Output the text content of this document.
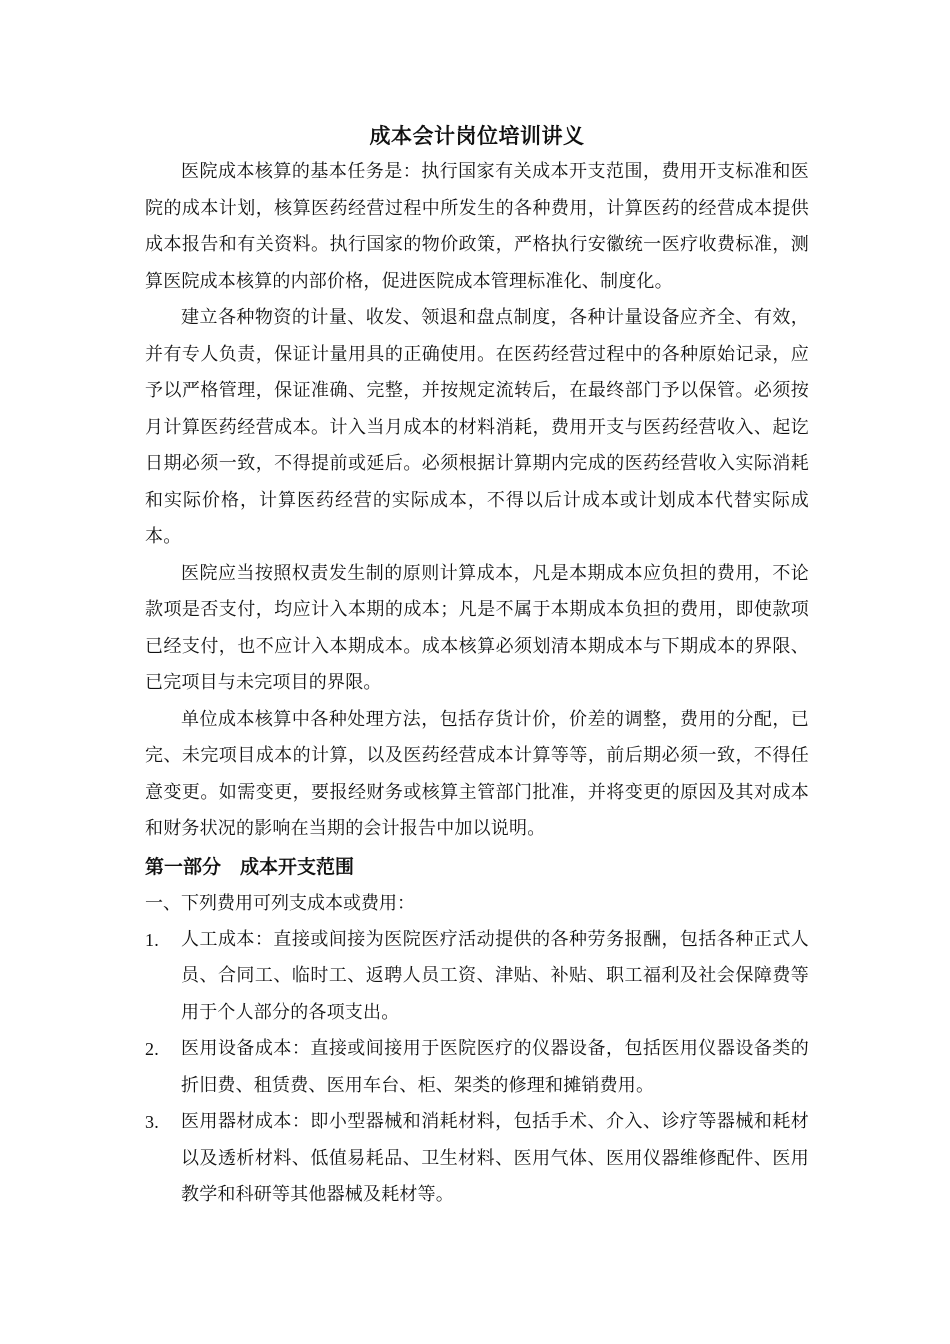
成本会计岗位培训讲义

医院成本核算的基本任务是：执行国家有关成本开支范围，费用开支标准和医院的成本计划，核算医药经营过程中所发生的各种费用，计算医药的经营成本提供成本报告和有关资料。执行国家的物价政策，严格执行安徽统一医疗收费标准，测算医院成本核算的内部价格，促进医院成本管理标准化、制度化。

建立各种物资的计量、收发、领退和盘点制度，各种计量设备应齐全、有效，并有专人负责，保证计量用具的正确使用。在医药经营过程中的各种原始记录，应予以严格管理，保证准确、完整，并按规定流转后，在最终部门予以保管。必须按月计算医药经营成本。计入当月成本的材料消耗，费用开支与医药经营收入、起讫日期必须一致，不得提前或延后。必须根据计算期内完成的医药经营收入实际消耗和实际价格，计算医药经营的实际成本，不得以后计成本或计划成本代替实际成本。

医院应当按照权责发生制的原则计算成本，凡是本期成本应负担的费用，不论款项是否支付，均应计入本期的成本；凡是不属于本期成本负担的费用，即使款项已经支付，也不应计入本期成本。成本核算必须划清本期成本与下期成本的界限、已完项目与未完项目的界限。

单位成本核算中各种处理方法，包括存货计价，价差的调整，费用的分配，已完、未完项目成本的计算，以及医药经营成本计算等等，前后期必须一致，不得任意变更。如需变更，要报经财务或核算主管部门批准，并将变更的原因及其对成本和财务状况的影响在当期的会计报告中加以说明。

第一部分　成本开支范围

一、下列费用可列支成本或费用：

1. 人工成本：直接或间接为医院医疗活动提供的各种劳务报酬，包括各种正式人员、合同工、临时工、返聘人员工资、津贴、补贴、职工福利及社会保障费等用于个人部分的各项支出。
2. 医用设备成本：直接或间接用于医院医疗的仪器设备，包括医用仪器设备类的折旧费、租赁费、医用车台、柜、架类的修理和摊销费用。
3. 医用器材成本：即小型器械和消耗材料，包括手术、介入、诊疗等器械和耗材以及透析材料、低值易耗品、卫生材料、医用气体、医用仪器维修配件、医用教学和科研等其他器械及耗材等。
